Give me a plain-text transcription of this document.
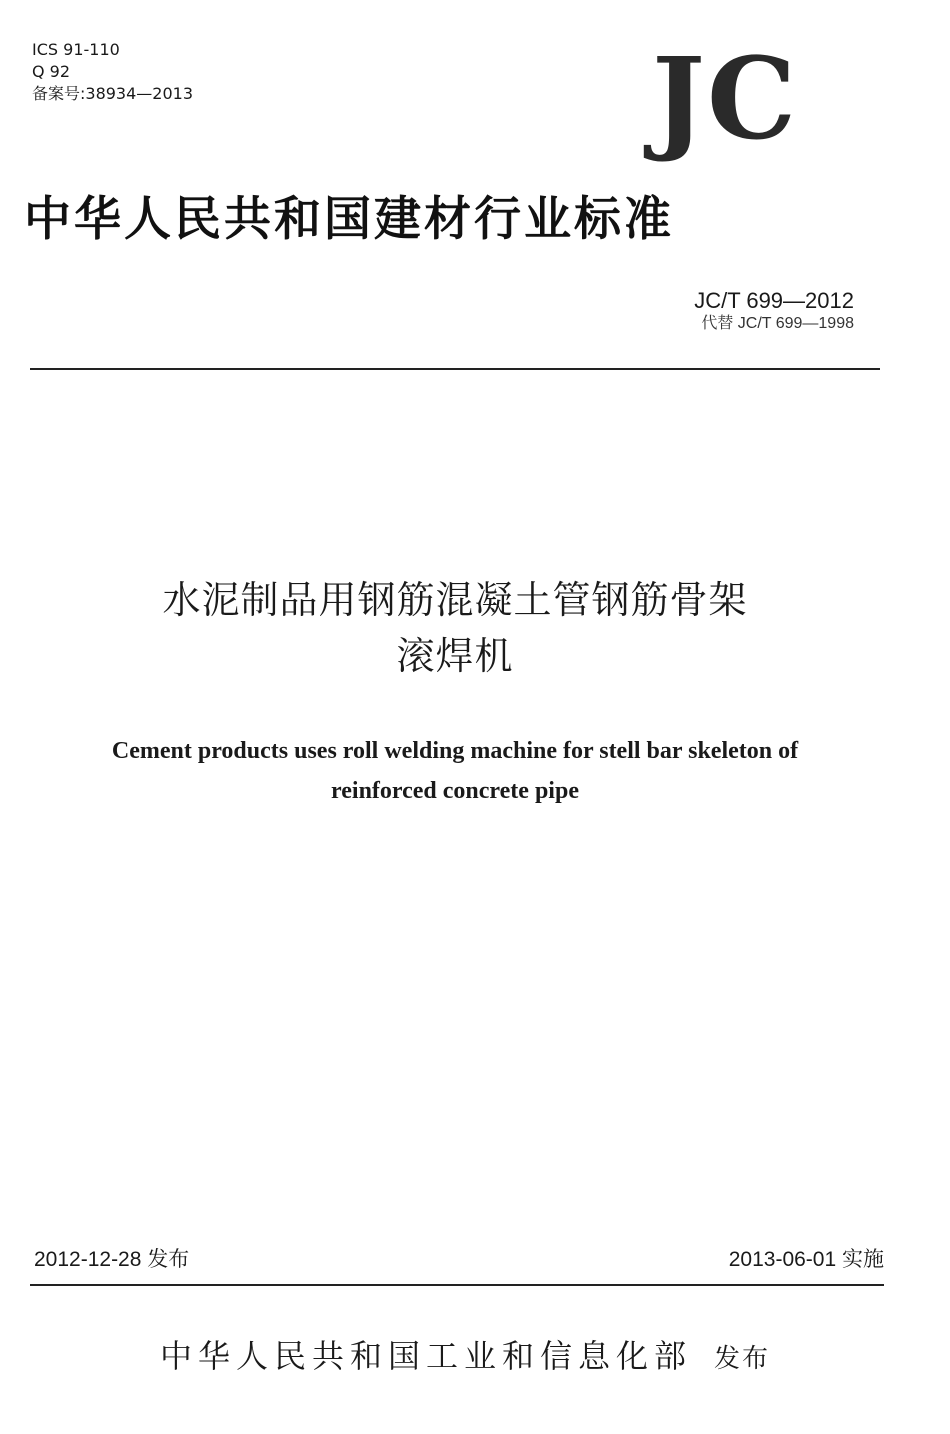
ICS 91-110
Q 92
备案号:38934—2013	JC
中华人民共和国建材行业标准
JC/T 699—2012
代替 JC/T 699—1998
水泥制品用钢筋混凝土管钢筋骨架
滚焊机
Cement products uses roll welding machine for stell bar skeleton of
reinforced concrete pipe
2012-12-28 发布	2013-06-01 实施
中华人民共和国工业和信息化部 发布
